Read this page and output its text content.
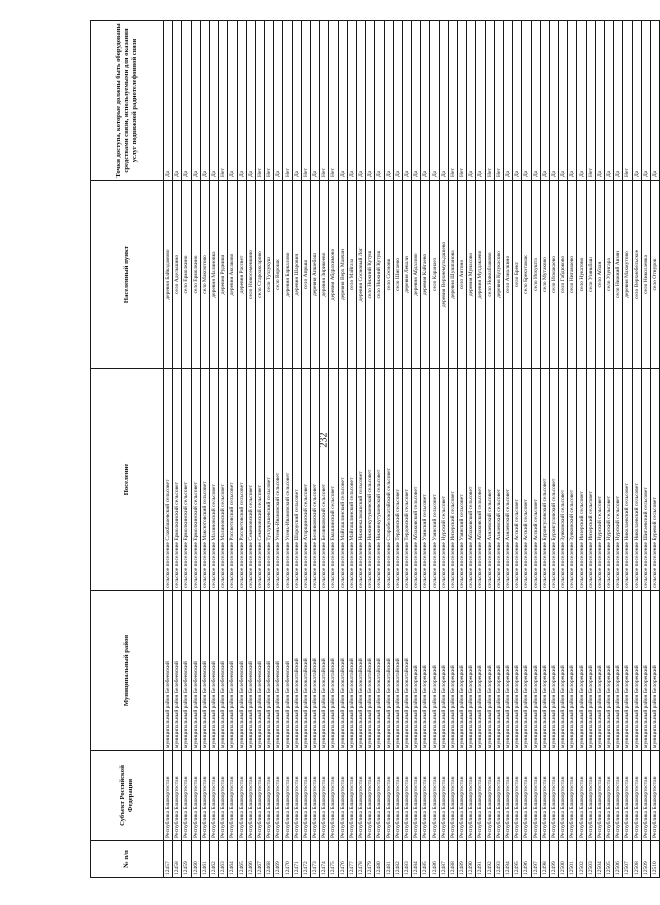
232
№ п/п	Субъект Российской Федерации	Муниципальный район	Поселение	Населенный пункт	Точки доступа, которые должны быть оборудованы средствами связи, используемыми для оказания услуг подвижной радиотелефонной связи
12457	Республика Башкортостан	муниципальный район Белебеевский	сельское поселение Слакбашевский сельсовет	деревня Байкадамово	Да
12458	Республика Башкортостан	муниципальный район Белебеевский	сельское поселение Ермолкинский сельсовет	село Адельшино	Да
12459	Республика Башкортостан	муниципальный район Белебеевский	сельское поселение Ермолкинский сельсовет	село Ермолкино	Да
12460	Республика Башкортостан	муниципальный район Белебеевский	сельское поселение Ермолкинский сельсовет	село Ермолкино	Да
12461	Республика Башкортостан	муниципальный район Белебеевский	сельское поселение Максютовский сельсовет	село Максютово	Да
12462	Республика Башкортостан	муниципальный район Белебеевский	сельское поселение Малиновский сельсовет	деревня Малиновка	Да
12463	Республика Башкортостан	муниципальный район Белебеевский	сельское поселение Малиновский сельсовет	деревня Рудники	Нет
12464	Республика Башкортостан	муниципальный район Белебеевский	сельское поселение Рассветовский сельсовет	деревня Аксаково	Да
12465	Республика Башкортостан	муниципальный район Белебеевский	сельское поселение Рассветовский сельсовет	деревня Рассвет	Да
12466	Республика Башкортостан	муниципальный район Белебеевский	сельское поселение Семеновский сельсовет	село Новосеменкино	Да
12467	Республика Башкортостан	муниципальный район Белебеевский	сельское поселение Семеновский сельсовет	село Староаксарово	Нет
12468	Республика Башкортостан	муниципальный район Белебеевский	сельское поселение Тузлукушевский сельсовет	село Тузлукуш	Нет
12469	Республика Башкортостан	муниципальный район Белебеевский	сельское поселение Усень-Ивановский сельсовет	село Ворошк	Да
12470	Республика Башкортостан	муниципальный район Белебеевский	сельское поселение Усень-Ивановский сельсовет	деревня Баркалово	Нет
12471	Республика Башкортостан	муниципальный район Белокатайский	сельское поселение Шароуский сельсовет	деревня Шарович	Да
12472	Республика Башкортостан	муниципальный район Белокатайский	сельское поселение Атарщинский сельсовет	село Апрыш	Нет
12473	Республика Башкортостан	муниципальный район Белокатайский	сельское поселение Белянковский сельсовет	деревня Апшебаш	Да
12474	Республика Башкортостан	муниципальный район Белокатайский	сельское поселение Белянковский сельсовет	деревня Зирикеево	Нет
12475	Республика Башкортостан	муниципальный район Белокатайский	сельское поселение Емашинский сельсовет	деревня Абдрахимово	Нет
12476	Республика Башкортостан	муниципальный район Белокатайский	сельское поселение Майгашлинский сельсовет	деревня Верх Маячан	Да
12477	Республика Башкортостан	муниципальный район Белокатайский	сельское поселение Майгашлинский сельсовет	село Майгаза	Да
12478	Республика Башкортостан	муниципальный район Белокатайский	сельское поселение Нижнекалмашский сельсовет	деревня Сосновый Лог	Да
12479	Республика Башкортостан	муниципальный район Белокатайский	сельское поселение Нижнекутушевский сельсовет	село Нижний Кутуш	Да
12480	Республика Башкортостан	муниципальный район Белокатайский	сельское поселение Нижнекутушевский сельсовет	село Нижний Кутуш	Да
12481	Республика Башкортостан	муниципальный район Белокатайский	сельское поселение Старобелокатайский сельсовет	село Сосновк	Да
12482	Республика Башкортостан	муниципальный район Белокатайский	сельское поселение Тердовский сельсовет	село Шигаево	Да
12483	Республика Башкортостан	муниципальный район Белокатайский	сельское поселение Тердовский сельсовет	деревня Левали	Да
12484	Республика Башкортостан	муниципальный район Белорецкий	сельское поселение Абзаковский сельсовет	деревня Абдалово	Да
12485	Республика Башкортостан	муниципальный район Белорецкий	сельское поселение Узянский сельсовет	деревня Кайгаево	Да
12486	Республика Башкортостан	муниципальный район Белорецкий	сельское поселение Узянский сельсовет	село Каранаез	Да
12487	Республика Башкортостан	муниципальный район Белорецкий	сельское поселение Нурский сельсовет	деревня Верхнемульдашево	Да
12488	Республика Башкортостан	муниципальный район Белорецкий	сельское поселение Инзерский сельсовет	деревня Шушпанова	Нет
12489	Республика Башкортостан	муниципальный район Белорецкий	сельское поселение Узянский сельсовет	село Антоно	Нет
12490	Республика Башкортостан	муниципальный район Белорецкий	сельское поселение Абзаковский сельсовет	деревня Мунасово	Да
12491	Республика Башкортостан	муниципальный район Белорецкий	сельское поселение Абзаковский сельсовет	деревня Мулдакаево	Да
12492	Республика Башкортостан	муниципальный район Белорецкий	сельское поселение Азнаевский сельсовет	село Новоабзаково	Нет
12493	Республика Башкортостан	муниципальный район Белорецкий	сельское поселение Азнаевский сельсовет	деревня Кулукасово	Нет
12494	Республика Башкортостан	муниципальный район Белорецкий	сельское поселение Азнаевский сельсовет	село Азналкино	Да
12495	Республика Башкортостан	муниципальный район Белорецкий	сельское поселение Асский сельсовет	село Брекс	Да
12496	Республика Башкортостан	муниципальный район Белорецкий	сельское поселение Асский сельсовет	село Брекэтамак	Да
12497	Республика Башкортостан	муниципальный район Белорецкий	сельское поселение Асский сельсовет	село Искушта	Да
12498	Республика Башкортостан	муниципальный район Белорецкий	сельское поселение Бурангуловский сельсовет	село Мутаково	Да
12499	Республика Башкортостан	муниципальный район Белорецкий	сельское поселение Бурангуловский сельсовет	село Исмакаево	Да
12500	Республика Башкортостан	муниципальный район Белорецкий	сельское поселение Зуяковский сельсовет	село Габдюково	Да
12501	Республика Башкортостан	муниципальный район Белорецкий	сельское поселение Зуяковский сельсовет	село Нигамаево	Да
12502	Республика Башкортостан	муниципальный район Белорецкий	сельское поселение Инзерский сельсовет	село Нукатово	Да
12503	Республика Башкортостан	муниципальный район Белорецкий	сельское поселение Инзерский сельсовет	село Узяньбаш	Нет
12504	Республика Башкортостан	муниципальный район Белорецкий	сельское поселение Нурский сельсовет	село Абзан	Да
12505	Республика Башкортостан	муниципальный район Белорецкий	сельское поселение Нурский сельсовет	село Узунгара	Да
12506	Республика Башкортостан	муниципальный район Белорецкий	сельское поселение Нурский сельсовет	село Нижний Авзян	Да
12507	Республика Башкортостан	муниципальный район Белорецкий	сельское поселение Николаевский сельсовет	деревня Махмутово	Нет
12508	Республика Башкортостан	муниципальный район Белорецкий	сельское поселение Николаевский сельсовет	село Верхнебельское	Да
12509	Республика Башкортостан	муниципальный район Белорецкий	сельское поселение Шигаевский сельсовет	село Николаевка	Да
12510	Республика Башкортостан	муниципальный район Белорецкий	сельское поселение Буревой сельсовет	село Отнурок	Да
